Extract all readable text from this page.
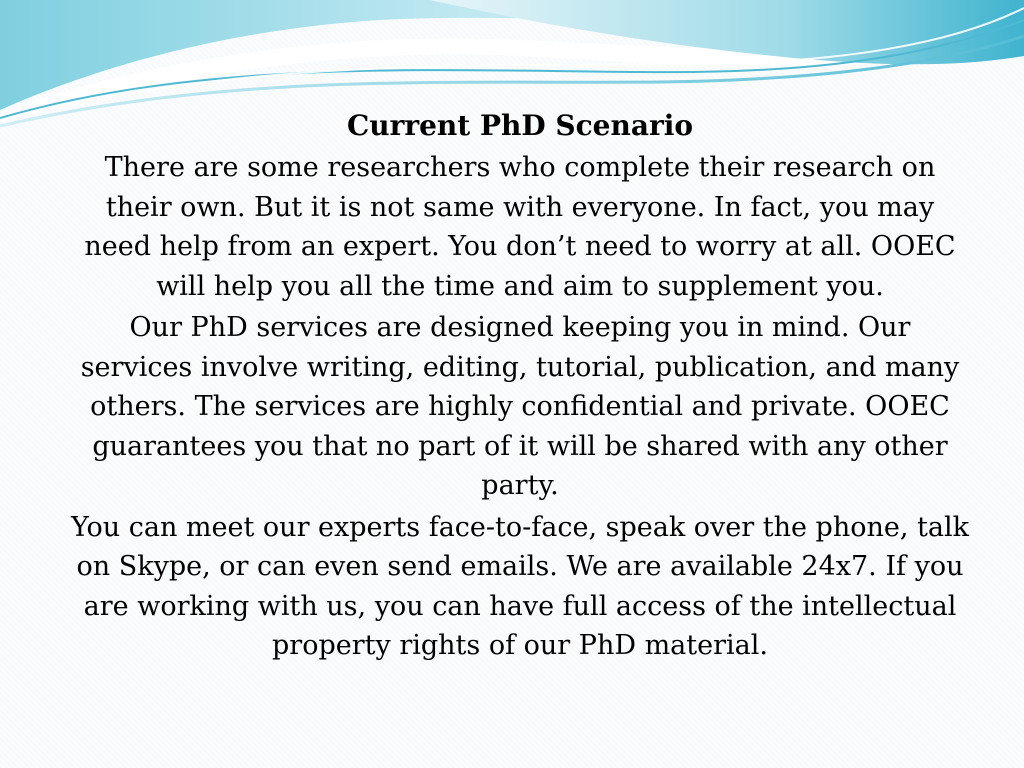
Current PhD Scenario

There are some researchers who complete their research on their own. But it is not same with everyone. In fact, you may need help from an expert. You don’t need to worry at all. OOEC will help you all the time and aim to supplement you.

Our PhD services are designed keeping you in mind. Our services involve writing, editing, tutorial, publication, and many others. The services are highly confidential and private. OOEC guarantees you that no part of it will be shared with any other party.

You can meet our experts face-to-face, speak over the phone, talk on Skype, or can even send emails. We are available 24x7. If you are working with us, you can have full access of the intellectual property rights of our PhD material.
